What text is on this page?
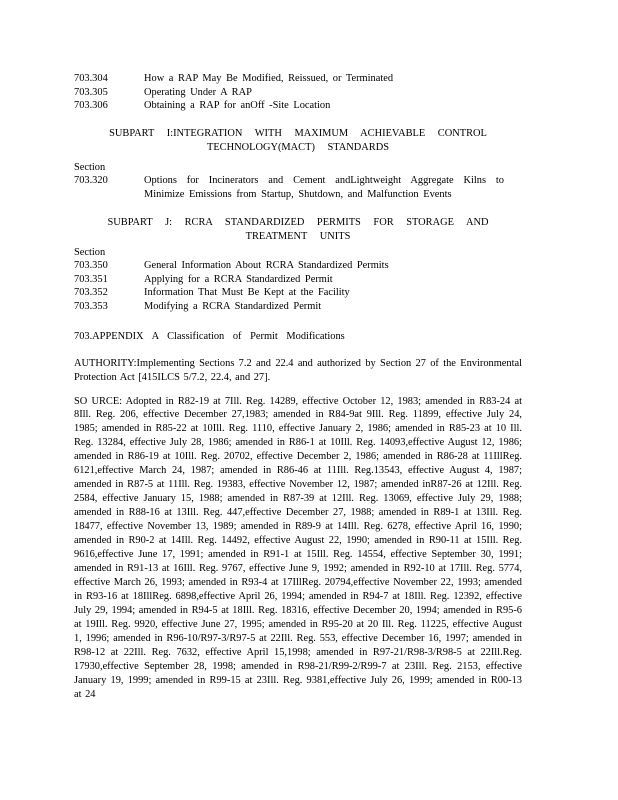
703.304	How a RAP May Be Modified, Reissued, or Terminated
703.305	Operating Under A RAP
703.306	Obtaining a RAP for anOff -Site Location
SUBPART I:INTEGRATION WITH MAXIMUM ACHIEVABLE CONTROL
TECHNOLOGY(MACT) STANDARDS
Section
703.320	Options for Incinerators and Cement andLightweight Aggregate Kilns to Minimize Emissions from Startup, Shutdown, and Malfunction Events
SUBPART J: RCRA STANDARDIZED PERMITS FOR STORAGE AND
TREATMENT UNITS
Section
703.350	General Information About RCRA Standardized Permits
703.351	Applying for a RCRA Standardized Permit
703.352	Information That Must Be Kept at the Facility
703.353	Modifying a RCRA Standardized Permit
703.APPENDIX A Classification of Permit Modifications
AUTHORITY:Implementing Sections 7.2 and 22.4 and authorized by Section 27 of the Environmental Protection Act [415ILCS 5/7.2, 22.4, and 27].
SO URCE: Adopted in R82-19 at 7Ill. Reg. 14289, effective October 12, 1983; amended in R83-24 at 8Ill. Reg. 206, effective December 27,1983; amended in R84-9at 9Ill. Reg. 11899, effective July 24, 1985; amended in R85-22 at 10Ill. Reg. 1110, effective January 2, 1986; amended in R85-23 at 10 Ill. Reg. 13284, effective July 28, 1986; amended in R86-1 at 10Ill. Reg. 14093,effective August 12, 1986; amended in R86-19 at 10Ill. Reg. 20702, effective December 2, 1986; amended in R86-28 at 11IllReg. 6121,effective March 24, 1987; amended in R86-46 at 11Ill. Reg.13543, effective August 4, 1987; amended in R87-5 at 11Ill. Reg. 19383, effective November 12, 1987; amended inR87-26 at 12Ill. Reg. 2584, effective January 15, 1988; amended in R87-39 at 12Ill. Reg. 13069, effective July 29, 1988; amended in R88-16 at 13Ill. Reg. 447,effective December 27, 1988; amended in R89-1 at 13Ill. Reg. 18477, effective November 13, 1989; amended in R89-9 at 14Ill. Reg. 6278, effective April 16, 1990; amended in R90-2 at 14Ill. Reg. 14492, effective August 22, 1990; amended in R90-11 at 15Ill. Reg. 9616,effective June 17, 1991; amended in R91-1 at 15Ill. Reg. 14554, effective September 30, 1991; amended in R91-13 at 16Ill. Reg. 9767, effective June 9, 1992; amended in R92-10 at 17Ill. Reg. 5774, effective March 26, 1993; amended in R93-4 at 17IllReg. 20794,effective November 22, 1993; amended in R93-16 at 18IllReg. 6898,effective April 26, 1994; amended in R94-7 at 18Ill. Reg. 12392, effective July 29, 1994; amended in R94-5 at 18Ill. Reg. 18316, effective December 20, 1994; amended in R95-6 at 19Ill. Reg. 9920, effective June 27, 1995; amended in R95-20 at 20 Ill. Reg. 11225, effective August 1, 1996; amended in R96-10/R97-3/R97-5 at 22Ill. Reg. 553, effective December 16, 1997; amended in R98-12 at 22Ill. Reg. 7632, effective April 15,1998; amended in R97-21/R98-3/R98-5 at 22Ill.Reg. 17930,effective September 28, 1998; amended in R98-21/R99-2/R99-7 at 23Ill. Reg. 2153, effective January 19, 1999; amended in R99-15 at 23Ill. Reg. 9381,effective July 26, 1999; amended in R00-13 at 24
